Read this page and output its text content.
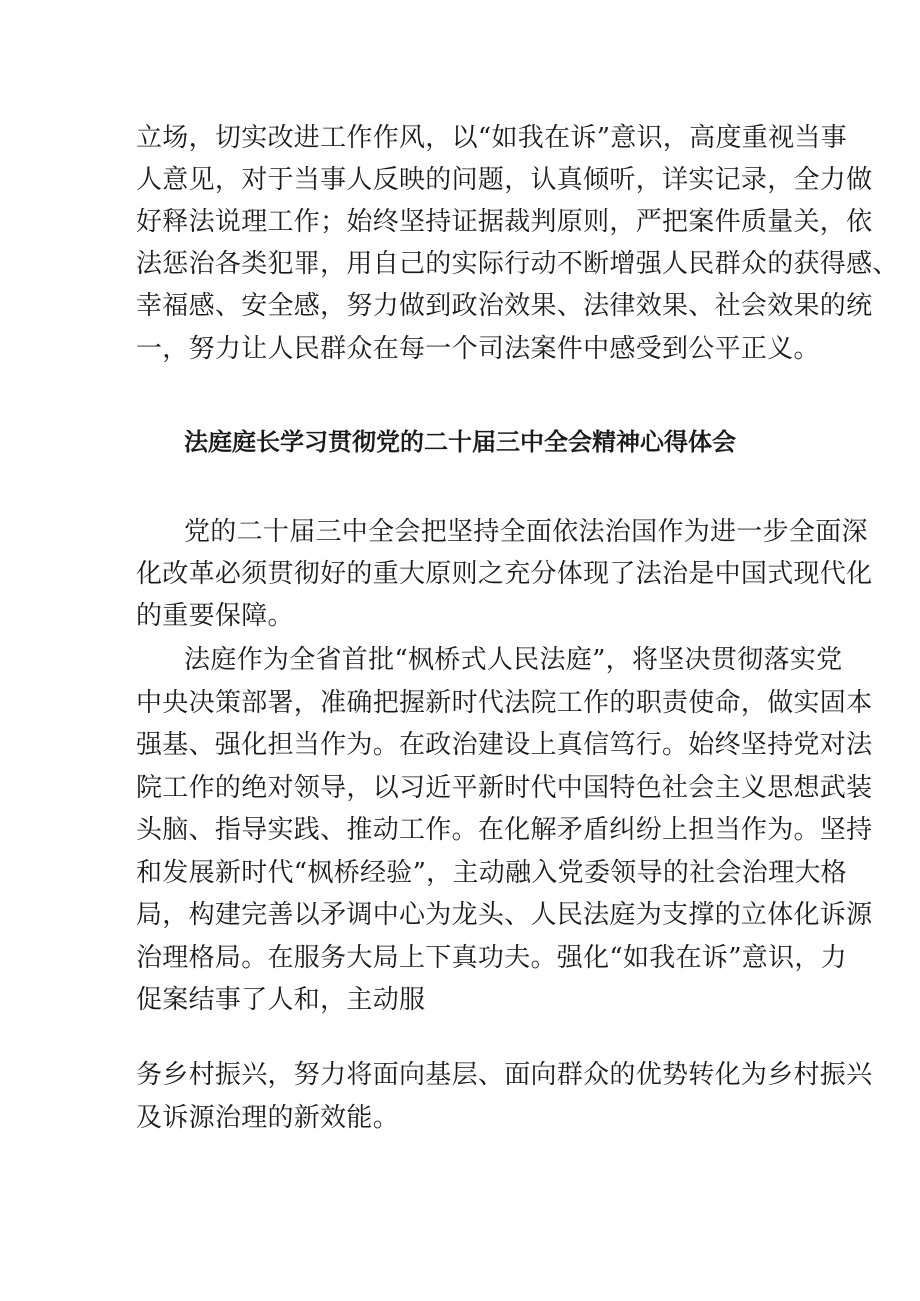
立场，切实改进工作作风，以“如我在诉”意识，高度重视当事
人意见，对于当事人反映的问题，认真倾听，详实记录，全力做
好释法说理工作；始终坚持证据裁判原则，严把案件质量关，依
法惩治各类犯罪，用自己的实际行动不断增强人民群众的获得感、
幸福感、安全感，努力做到政治效果、法律效果、社会效果的统
一，努力让人民群众在每一个司法案件中感受到公平正义。
法庭庭长学习贯彻党的二十届三中全会精神心得体会
党的二十届三中全会把坚持全面依法治国作为进一步全面深
化改革必须贯彻好的重大原则之充分体现了法治是中国式现代化
的重要保障。
法庭作为全省首批“枫桥式人民法庭”，将坚决贯彻落实党
中央决策部署，准确把握新时代法院工作的职责使命，做实固本
强基、强化担当作为。在政治建设上真信笃行。始终坚持党对法
院工作的绝对领导，以习近平新时代中国特色社会主义思想武装
头脑、指导实践、推动工作。在化解矛盾纠纷上担当作为。坚持
和发展新时代“枫桥经验”，主动融入党委领导的社会治理大格
局，构建完善以矛调中心为龙头、人民法庭为支撑的立体化诉源
治理格局。在服务大局上下真功夫。强化“如我在诉”意识，力
促案结事了人和，主动服
务乡村振兴，努力将面向基层、面向群众的优势转化为乡村振兴
及诉源治理的新效能。
